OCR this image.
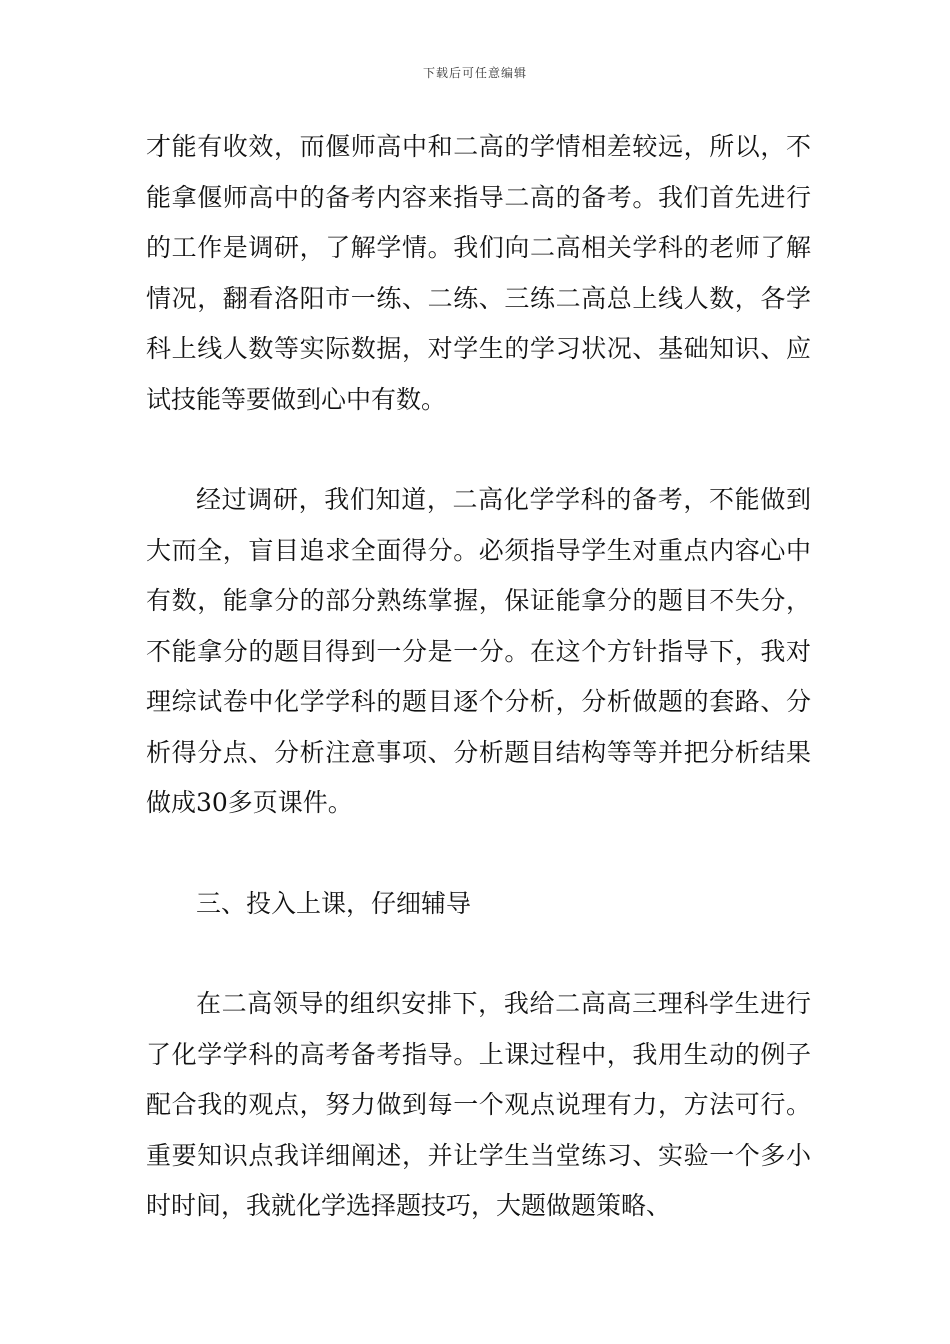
下载后可任意编辑

才能有收效，而偃师高中和二高的学情相差较远，所以，不能拿偃师高中的备考内容来指导二高的备考。我们首先进行的工作是调研，了解学情。我们向二高相关学科的老师了解情况，翻看洛阳市一练、二练、三练二高总上线人数，各学科上线人数等实际数据，对学生的学习状况、基础知识、应试技能等要做到心中有数。

经过调研，我们知道，二高化学学科的备考，不能做到大而全，盲目追求全面得分。必须指导学生对重点内容心中有数，能拿分的部分熟练掌握，保证能拿分的题目不失分，不能拿分的题目得到一分是一分。在这个方针指导下，我对理综试卷中化学学科的题目逐个分析，分析做题的套路、分析得分点、分析注意事项、分析题目结构等等并把分析结果做成30多页课件。

三、投入上课，仔细辅导

在二高领导的组织安排下，我给二高高三理科学生进行了化学学科的高考备考指导。上课过程中，我用生动的例子配合我的观点，努力做到每一个观点说理有力，方法可行。重要知识点我详细阐述，并让学生当堂练习、实验一个多小时时间，我就化学选择题技巧，大题做题策略、
